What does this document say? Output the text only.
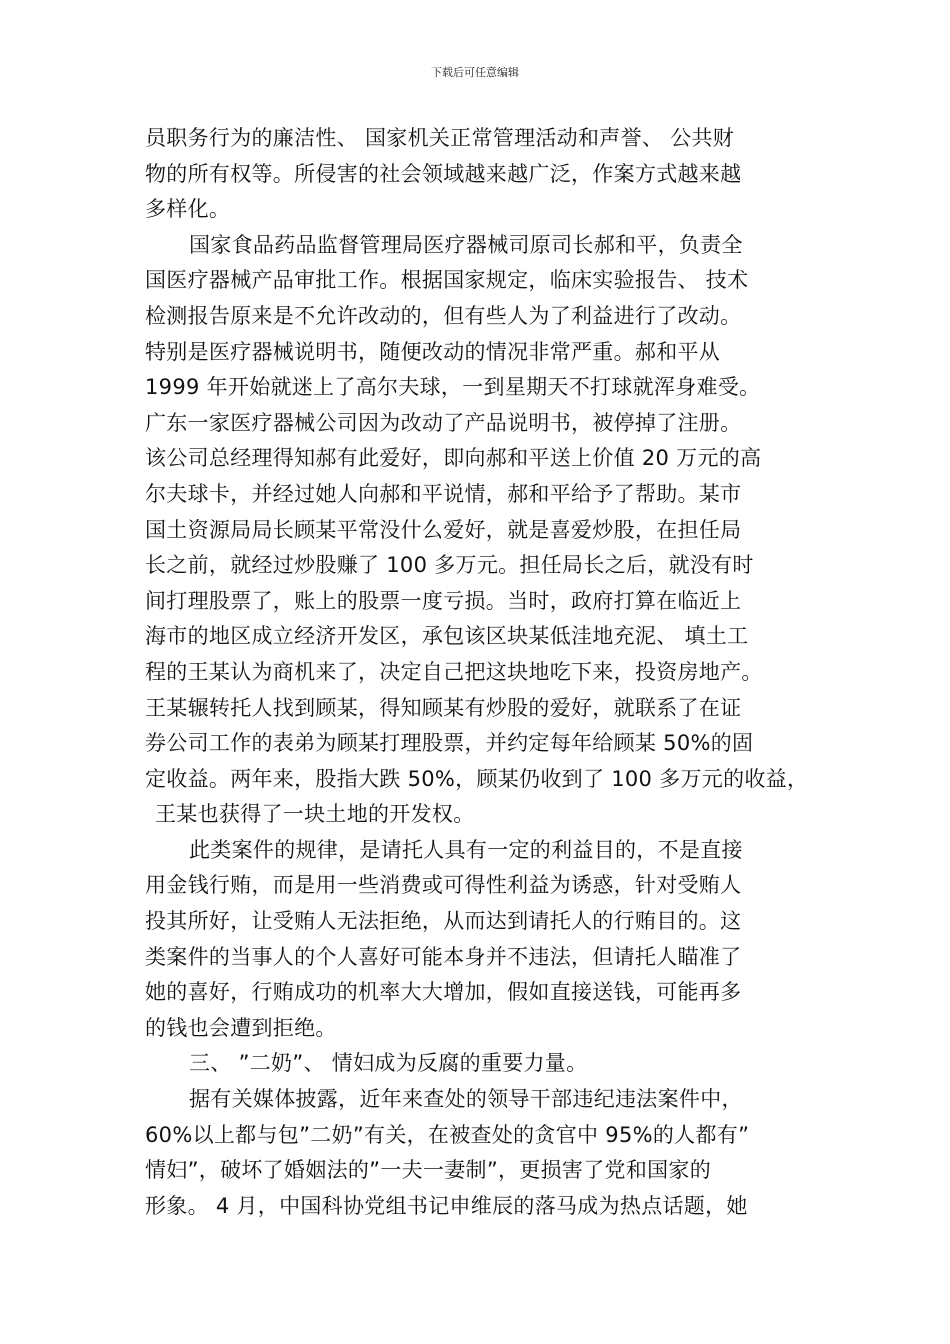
下载后可任意编辑
员职务行为的廉洁性、 国家机关正常管理活动和声誉、 公共财
物的所有权等。所侵害的社会领域越来越广泛，作案方式越来越
多样化。
国家食品药品监督管理局医疗器械司原司长郝和平，负责全
国医疗器械产品审批工作。根据国家规定，临床实验报告、 技术
检测报告原来是不允许改动的，但有些人为了利益进行了改动。
特别是医疗器械说明书，随便改动的情况非常严重。郝和平从
1999 年开始就迷上了高尔夫球，一到星期天不打球就浑身难受。
广东一家医疗器械公司因为改动了产品说明书，被停掉了注册。
该公司总经理得知郝有此爱好，即向郝和平送上价值 20 万元的高
尔夫球卡，并经过她人向郝和平说情，郝和平给予了帮助。某市
国土资源局局长顾某平常没什么爱好，就是喜爱炒股，在担任局
长之前，就经过炒股赚了 100 多万元。担任局长之后，就没有时
间打理股票了，账上的股票一度亏损。当时，政府打算在临近上
海市的地区成立经济开发区，承包该区块某低洼地充泥、 填土工
程的王某认为商机来了，决定自己把这块地吃下来，投资房地产。
王某辗转托人找到顾某，得知顾某有炒股的爱好，就联系了在证
券公司工作的表弟为顾某打理股票，并约定每年给顾某 50%的固
定收益。两年来，股指大跌 50%，顾某仍收到了 100 多万元的收益，
王某也获得了一块土地的开发权。
此类案件的规律，是请托人具有一定的利益目的，不是直接
用金钱行贿，而是用一些消费或可得性利益为诱惑，针对受贿人
投其所好，让受贿人无法拒绝，从而达到请托人的行贿目的。这
类案件的当事人的个人喜好可能本身并不违法，但请托人瞄准了
她的喜好，行贿成功的机率大大增加，假如直接送钱，可能再多
的钱也会遭到拒绝。
三、 ”二奶”、 情妇成为反腐的重要力量。
据有关媒体披露，近年来查处的领导干部违纪违法案件中，
60%以上都与包”二奶”有关，在被查处的贪官中 95%的人都有”
情妇”，破坏了婚姻法的”一夫一妻制”，更损害了党和国家的
形象。 4 月，中国科协党组书记申维辰的落马成为热点话题，她
